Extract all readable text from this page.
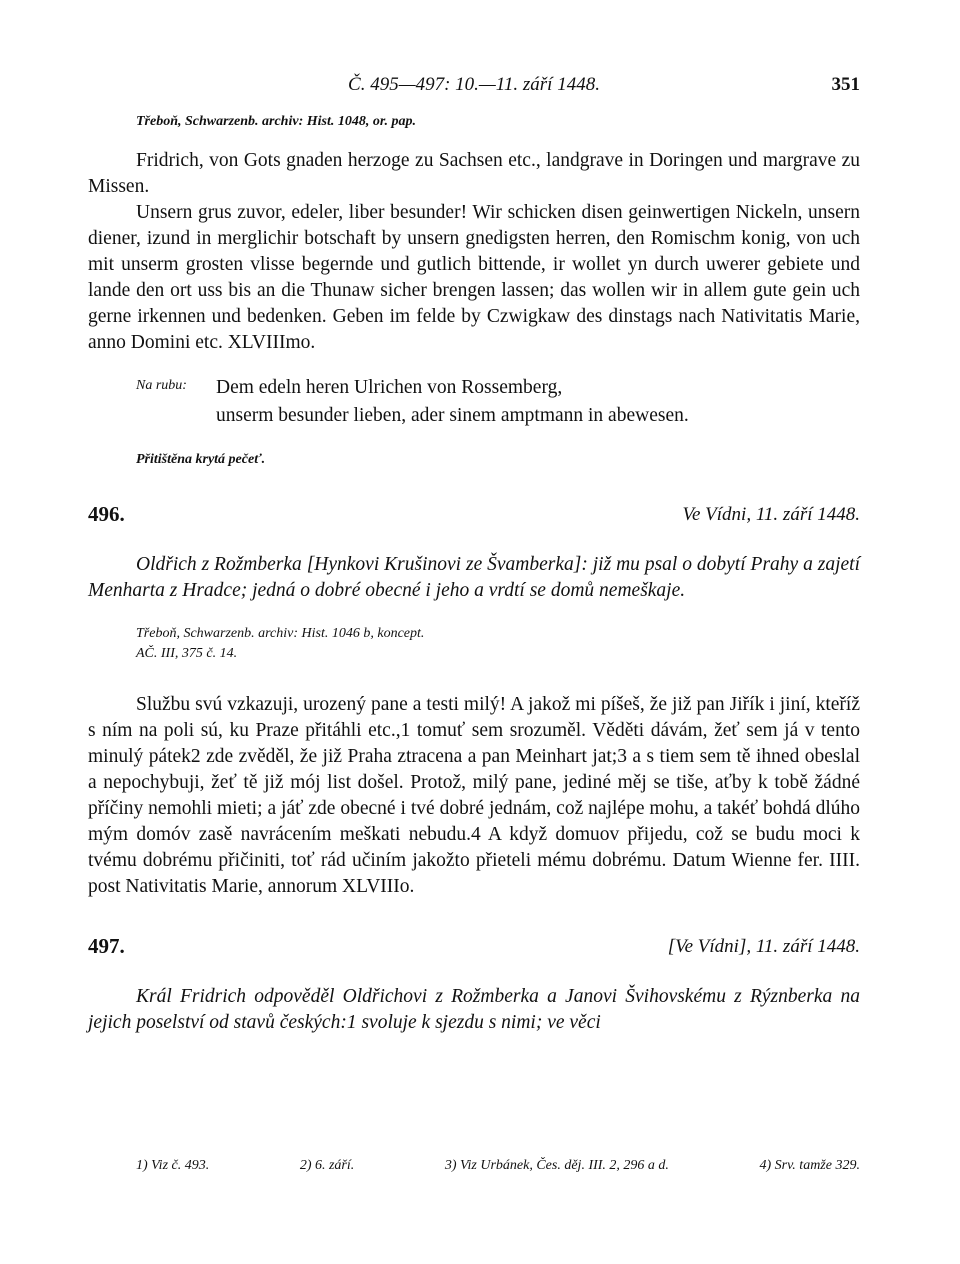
Č. 495—497: 10.—11. září 1448.	351
Třeboň, Schwarzenb. archiv: Hist. 1048, or. pap.

Fridrich, von Gots gnaden herzoge zu Sachsen etc., landgrave in Doringen und margrave zu Missen.

Unsern grus zuvor, edeler, liber besunder! Wir schicken disen geinwertigen Nickeln, unsern diener, izund in merglichir botschaft by unsern gnedigsten herren, den Romischm konig, von uch mit unserm grosten vlisse begernde und gutlich bittende, ir wollet yn durch uwerer gebiete und lande den ort uss bis an die Thunaw sicher brengen lassen; das wollen wir in allem gute gein uch gerne irkennen und bedenken. Geben im felde by Czwigkaw des dinstags nach Nativitatis Marie, anno Domini etc. XLVIIImo.

Na rubu:	Dem edeln heren Ulrichen von Rossemberg,
unserm besunder lieben, ader sinem amptmann in abewesen.
Přitištěna krytá pečeť.
496.	Ve Vídni, 11. září 1448.

Oldřich z Rožmberka [Hynkovi Krušinovi ze Švamberka]: již mu psal o dobytí Prahy a zajetí Menharta z Hradce; jedná o dobré obecné i jeho a vrdtí se domů nemeškaje.

Třeboň, Schwarzenb. archiv: Hist. 1046 b, koncept.
AČ. III, 375 č. 14.

Službu svú vzkazuji, urozený pane a testi milý! A jakož mi píšeš, že již pan Jiřík i jiní, kteříž s ním na poli sú, ku Praze přitáhli etc.,1 tomuť sem srozuměl. Věděti dávám, žeť sem já v tento minulý pátek2 zde zvěděl, že již Praha ztracena a pan Meinhart jat;3 a s tiem sem tě ihned obeslal a nepochybuji, žeť tě již mój list došel. Protož, milý pane, jediné měj se tiše, aťby k tobě žádné příčiny nemohli mieti; a jáť zde obecné i tvé dobré jednám, což najlépe mohu, a takéť bohdá dlúho mým domóv zasě navrácením meškati nebudu.4 A když domuov přijedu, což se budu moci k tvému dobrému přičiniti, toť rád učiním jakožto přieteli mému dobrému. Datum Wienne fer. IIII. post Nativitatis Marie, annorum XLVIIIo.

497.	[Ve Vídni], 11. září 1448.

Král Fridrich odpověděl Oldřichovi z Rožmberka a Janovi Švihovskému z Rýznberka na jejich poselství od stavů českých:1 svoluje k sjezdu s nimi; ve věci

1) Viz č. 493.	2) 6. září.	3) Viz Urbánek, Čes. děj. III. 2, 296 a d.	4) Srv. tamže 329.
